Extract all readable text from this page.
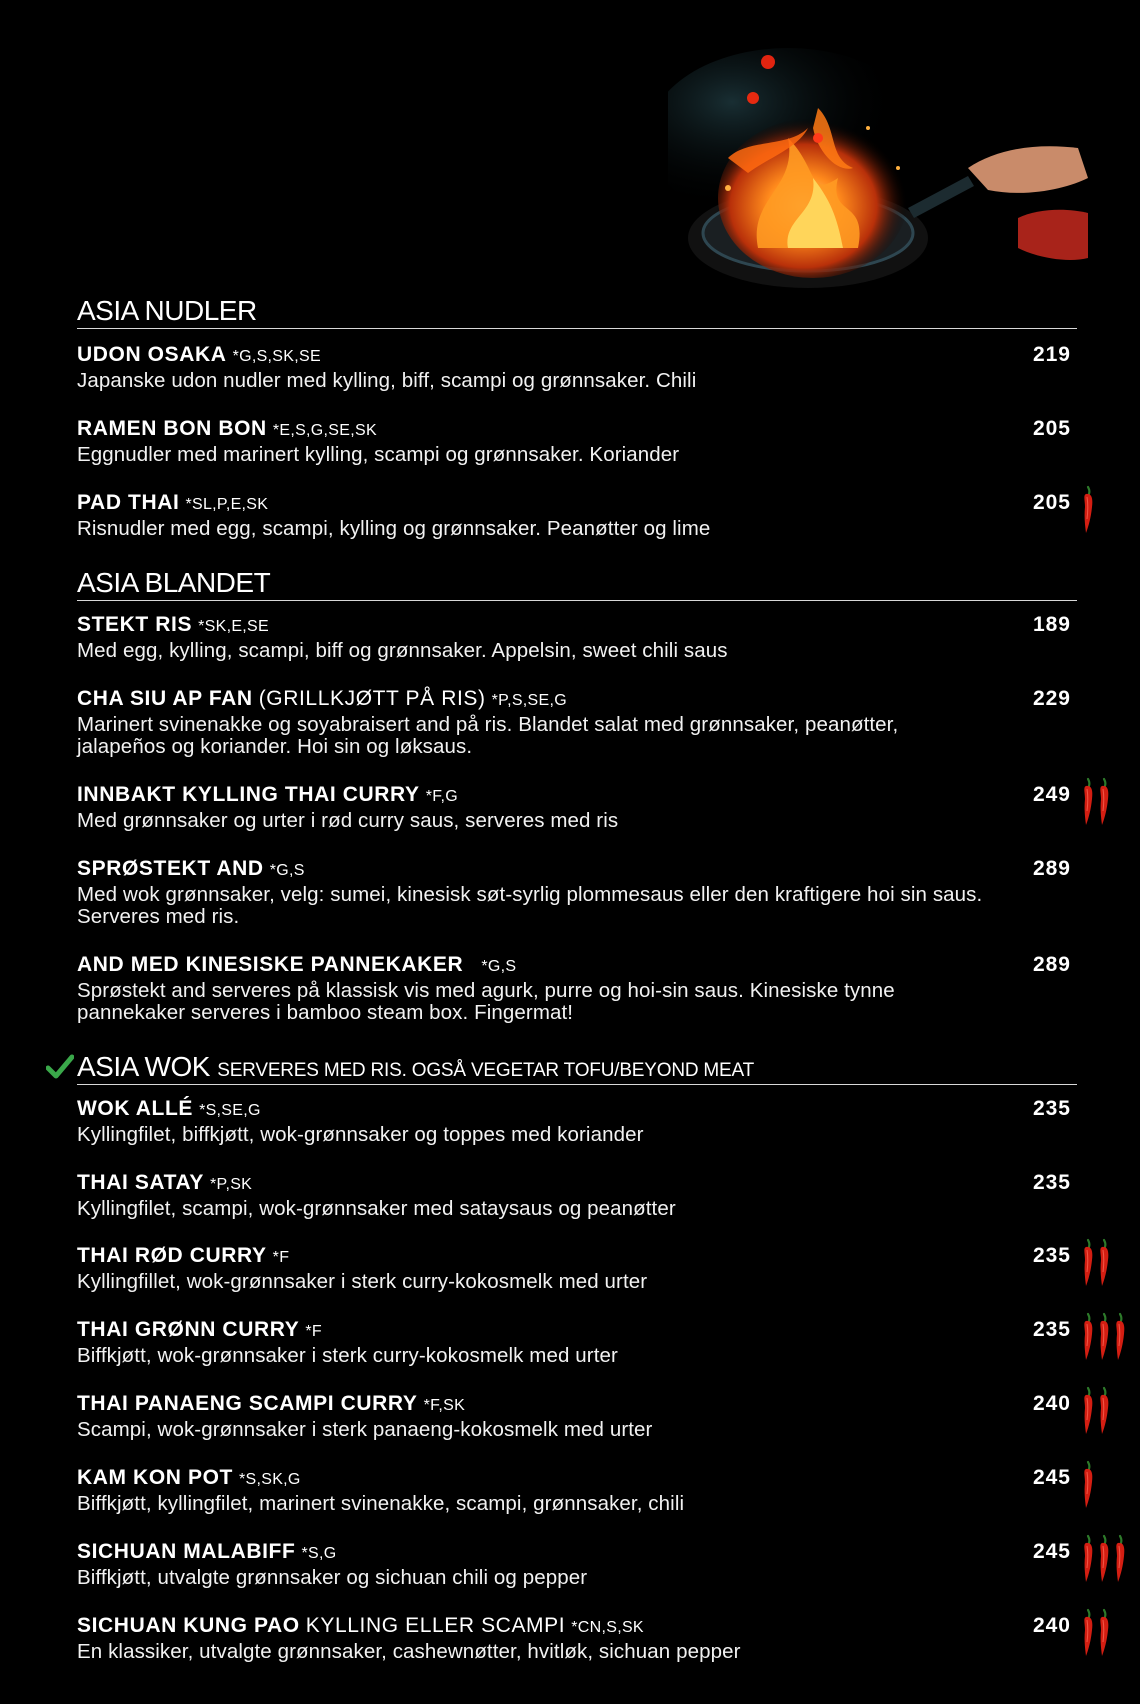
ASIA NUDLER
UDON OSAKA *G,S,SK,SE
Japanske udon nudler med kylling, biff, scampi og grønnsaker. Chili
219
RAMEN BON BON *E,S,G,SE,SK
Eggnudler med marinert kylling, scampi og grønnsaker. Koriander
205
PAD THAI *SL,P,E,SK
Risnudler med egg, scampi, kylling og grønnsaker. Peanøtter og lime
205
ASIA BLANDET
STEKT RIS *SK,E,SE
Med egg, kylling, scampi, biff og grønnsaker. Appelsin, sweet chili saus
189
CHA SIU AP FAN (GRILLKJØTT PÅ RIS) *P,S,SE,G
Marinert svinenakke og soyabraisert and på ris. Blandet salat med grønnsaker, peanøtter,
jalapeños og koriander. Hoi sin og løksaus.
229
INNBAKT KYLLING THAI CURRY *F,G
Med grønnsaker og urter i rød curry saus, serveres med ris
249
SPRØSTEKT AND *G,S
Med wok grønnsaker, velg: sumei, kinesisk søt-syrlig plommesaus eller den kraftigere hoi sin saus.
Serveres med ris.
289
AND MED KINESISKE PANNEKAKER *G,S
Sprøstekt and serveres på klassisk vis med agurk, purre og hoi-sin saus. Kinesiske tynne
pannekaker serveres i bamboo steam box. Fingermat!
289
ASIA WOK SERVERES MED RIS. OGSÅ VEGETAR TOFU/BEYOND MEAT
WOK ALLÉ *S,SE,G
Kyllingfilet, biffkjøtt, wok-grønnsaker og toppes med koriander
235
THAI SATAY *P,SK
Kyllingfilet, scampi, wok-grønnsaker med sataysaus og peanøtter
235
THAI RØD CURRY *F
Kyllingfillet, wok-grønnsaker i sterk curry-kokosmelk med urter
235
THAI GRØNN CURRY *F
Biffkjøtt, wok-grønnsaker i sterk curry-kokosmelk med urter
235
THAI PANAENG SCAMPI CURRY *F,SK
Scampi, wok-grønnsaker i sterk panaeng-kokosmelk med urter
240
KAM KON POT *S,SK,G
Biffkjøtt, kyllingfilet, marinert svinenakke, scampi, grønnsaker, chili
245
SICHUAN MALABIFF *S,G
Biffkjøtt, utvalgte grønnsaker og sichuan chili og pepper
245
SICHUAN KUNG PAO KYLLING ELLER SCAMPI *CN,S,SK
En klassiker, utvalgte grønnsaker, cashewnøtter, hvitløk, sichuan pepper
240
